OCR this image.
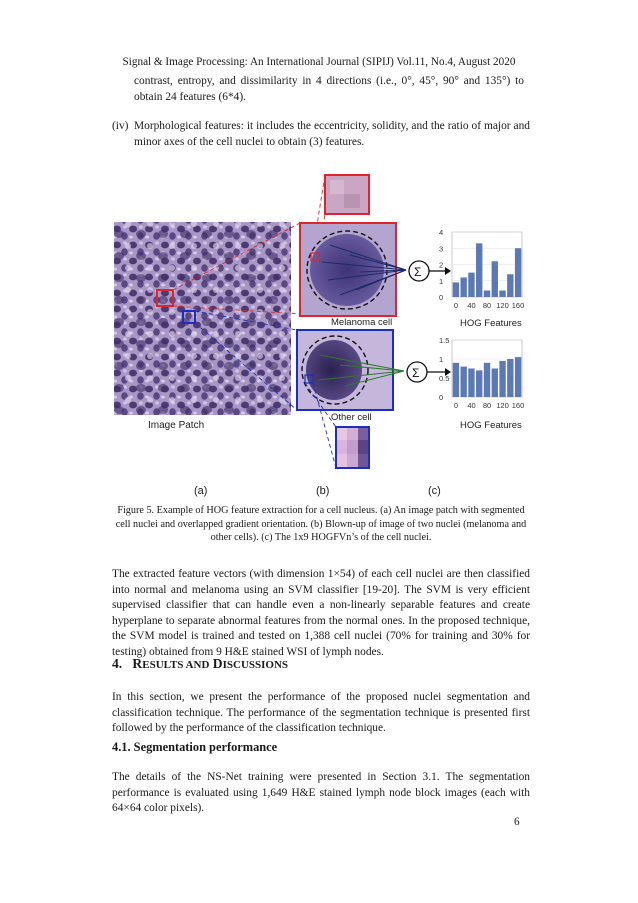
Signal & Image Processing: An International Journal (SIPIJ) Vol.11, No.4, August 2020
contrast, entropy, and dissimilarity in 4 directions (i.e., 0°, 45°, 90° and 135°) to obtain 24 features (6*4).
(iv) Morphological features: it includes the eccentricity, solidity, and the ratio of major and minor axes of the cell nuclei to obtain (3) features.
Image Patch
Melanoma cell
Other cell
Σ
Σ
0
1
2
3
4
0 40 80 120 160
0
0.5
1
1.5
0 40 80 120 160
HOG Features
HOG Features
(a)	(b)	(c)
Figure 5. Example of HOG feature extraction for a cell nucleus. (a) An image patch with segmented cell nuclei and overlapped gradient orientation. (b) Blown-up of image of two nuclei (melanoma and other cells). (c) The 1x9 HOGFVn’s of the cell nuclei.
The extracted feature vectors (with dimension 1×54) of each cell nuclei are then classified into normal and melanoma using an SVM classifier [19-20]. The SVM is very efficient supervised classifier that can handle even a non-linearly separable features and create hyperplane to separate abnormal features from the normal ones. In the proposed technique, the SVM model is trained and tested on 1,388 cell nuclei (70% for training and 30% for testing) obtained from 9 H&E stained WSI of lymph nodes.
4. RESULTS AND DISCUSSIONS
In this section, we present the performance of the proposed nuclei segmentation and classification technique. The performance of the segmentation technique is presented first followed by the performance of the classification technique.
4.1. Segmentation performance
The details of the NS-Net training were presented in Section 3.1. The segmentation performance is evaluated using 1,649 H&E stained lymph node block images (each with 64×64 color pixels).
6
